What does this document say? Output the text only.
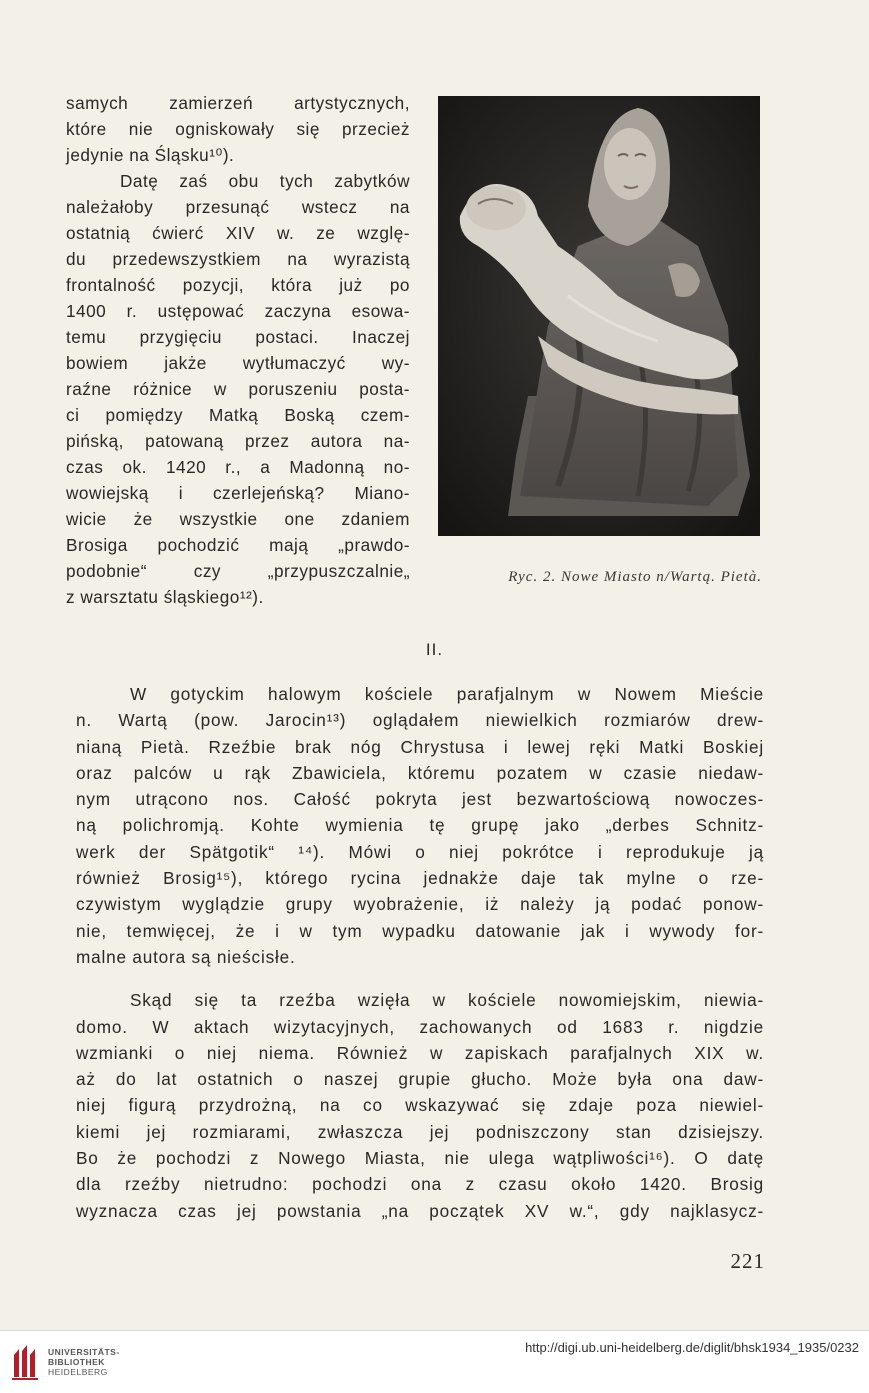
samych zamierzeń artystycznych,
które nie ogniskowały się przecież
jedynie na Śląsku¹⁰).
Datę zaś obu tych zabytków
należałoby przesunąć wstecz na
ostatnią ćwierć XIV w. ze wzglę-
du przedewszystkiem na wyrazistą
frontalność pozycji, która już po
1400 r. ustępować zaczyna esowa-
temu przygięciu postaci. Inaczej
bowiem jakże wytłumaczyć wy-
raźne różnice w poruszeniu posta-
ci pomiędzy Matką Boską czem-
pińską, patowaną przez autora na-
czas ok. 1420 r., a Madonną no-
wowiejską i czerlejeńską? Miano-
wicie że wszystkie one zdaniem
Brosiga pochodzić mają „prawdo-
podobnie“ czy „przypuszczalnie„
z warsztatu śląskiego¹²).
Ryc. 2. Nowe Miasto n/Wartą. Pietà.
II.
W gotyckim halowym kościele parafjalnym w Nowem Mieście
n. Wartą (pow. Jarocin¹³) oglądałem niewielkich rozmiarów drew-
nianą Pietà. Rzeźbie brak nóg Chrystusa i lewej ręki Matki Boskiej
oraz palców u rąk Zbawiciela, któremu pozatem w czasie niedaw-
nym utrącono nos. Całość pokryta jest bezwartościową nowoczes-
ną polichromją. Kohte wymienia tę grupę jako „derbes Schnitz-
werk der Spätgotik“ ¹⁴). Mówi o niej pokrótce i reprodukuje ją
również Brosig¹⁵), którego rycina jednakże daje tak mylne o rze-
czywistym wyglądzie grupy wyobrażenie, iż należy ją podać ponow-
nie, temwięcej, że i w tym wypadku datowanie jak i wywody for-
malne autora są nieścisłe.
Skąd się ta rzeźba wzięła w kościele nowomiejskim, niewia-
domo. W aktach wizytacyjnych, zachowanych od 1683 r. nigdzie
wzmianki o niej niema. Również w zapiskach parafjalnych XIX w.
aż do lat ostatnich o naszej grupie głucho. Może była ona daw-
niej figurą przydrożną, na co wskazywać się zdaje poza niewiel-
kiemi jej rozmiarami, zwłaszcza jej podniszczony stan dzisiejszy.
Bo że pochodzi z Nowego Miasta, nie ulega wątpliwości¹⁶). O datę
dla rzeźby nietrudno: pochodzi ona z czasu około 1420. Brosig
wyznacza czas jej powstania „na początek XV w.“, gdy najklasycz-
221
UNIVERSITÄTS-
BIBLIOTHEK
HEIDELBERG
http://digi.ub.uni-heidelberg.de/diglit/bhsk1934_1935/0232
